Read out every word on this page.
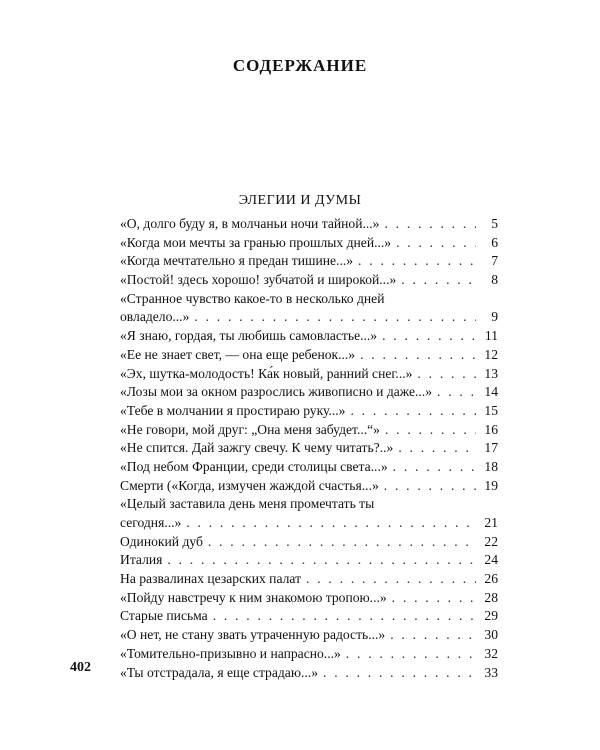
СОДЕРЖАНИЕ
ЭЛЕГИИ И ДУМЫ
«О, долго буду я, в молчаньи ночи тайной...» . . .	5
«Когда мои мечты за гранью прошлых дней...» . . .	6
«Когда мечтательно я предан тишине...» . . .	7
«Постой! здесь хорошо! зубчатой и широкой...» . . .	8
«Странное чувство какое-то в несколько дней
овладело...» . . .	9
«Я знаю, гордая, ты любишь самовластье...» . . .	11
«Ее не знает свет, — она еще ребенок...» . . .	12
«Эх, шутка-молодость! Ка́к новый, ранний снег...» . . .	13
«Лозы мои за окном разрослись живописно и даже...» . . .	14
«Тебе в молчании я простираю руку...» . . .	15
«Не говори, мой друг: „Она меня забудет...“» . . .	16
«Не спится. Дай зажгу свечу. К чему читать?..» . . .	17
«Под небом Франции, среди столицы света...» . . .	18
Смерти («Когда, измучен жаждой счастья...» . . .	19
«Целый заставила день меня промечтать ты
сегодня...» . . .	21
Одинокий дуб . . .	22
Италия . . .	24
На развалинах цезарских палат . . .	26
«Пойду навстречу к ним знакомою тропою...» . . .	28
Старые письма . . .	29
«О нет, не стану звать утраченную радость...» . . .	30
«Томительно-призывно и напрасно...» . . .	32
«Ты отстрадала, я еще страдаю...» . . .	33
402
